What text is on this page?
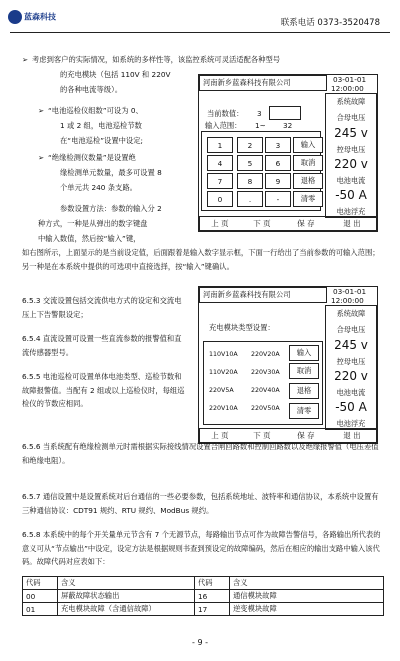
蓝森科技
联系电话 0373-3520478
➢ 考虑到客户的实际情况，如系统的多样性等，该监控系统可灵活适配各种型号
的充电模块（包括 110V 和 220V
的各种电流等级）。
➢ “电池巡检仪组数”可设为 0、
1 或 2 组，电池巡检节数
在“电池巡检”设置中设定;
➢ “绝缘检测仪数量”是设置绝
缘检测单元数量，最多可设置 8
个单元共 240 条支路。
参数设置方法：参数的输入分 2
种方式，一种是从弹出的数字键盘
中输入数值，然后按“输入”键，
河南新乡蓝森科技有限公司	03-01-01
12:00:00
当前数值： 3
输入范围： 1~ 32
1	2	3
4	5	6
7	8	9
0	.	-
输入
取消
退格
清零
系统故障
合母电压
245 v
控母电压
220 v
电池电流
-50 A
电池浮充
上 页	下 页	保 存	退 出
如右图所示，上面显示的是当前设定值，后面跟着是输入数字显示框，下面一行给出了当前参数的可输入范围；另一种是在本系统中提供的可选项中直接选择，按“输入”键确认。
6.5.3 交流设置包括交流供电方式的设定和交流电压上下告警限设定；
6.5.4 直流设置可设置一些直流参数的报警值和直流传感器型号。
6.5.5 电池巡检可设置单体电池类型、巡检节数和故障报警值。当配有 2 组或以上巡检仪时，每组巡检仪的节数应相同。
河南新乡蓝森科技有限公司	03-01-01
12:00:00
充电模块类型设置：
110V10A 220V20A
110V20A 220V30A
220V5A	220V40A
220V10A 220V50A
输入
取消
退格
清零
系统故障
合母电压
245 v
控母电压
220 v
电池电流
-50 A
电池浮充
上 页	下 页	保 存	退 出
6.5.6 当系统配有绝缘检测单元时需根据实际接线情况设置合闸回路数和控制回路数以及绝缘报警值（电压差值和绝缘电阻）。
6.5.7 通信设置中是设置系统对后台通信的一些必要参数，包括系统地址、波特率和通信协议，本系统中设置有三种通信协议：CDT91 规约、RTU 规约、ModBus 规约。
6.5.8 本系统中的每个开关量单元节含有 7 个无源节点，每路输出节点可作为故障告警信号，各路输出所代表的意义可从“节点输出”中设定，设定方法是根据规则书查到预设定的故障编码，然后在相应的输出支路中输入该代码。故障代码对应表如下：
代码	含义	代码	含义
00	屏蔽故障状态输出	16	通信模块故障
01	充电模块故障（含通信故障）	17	逆变模块故障
- 9 -
